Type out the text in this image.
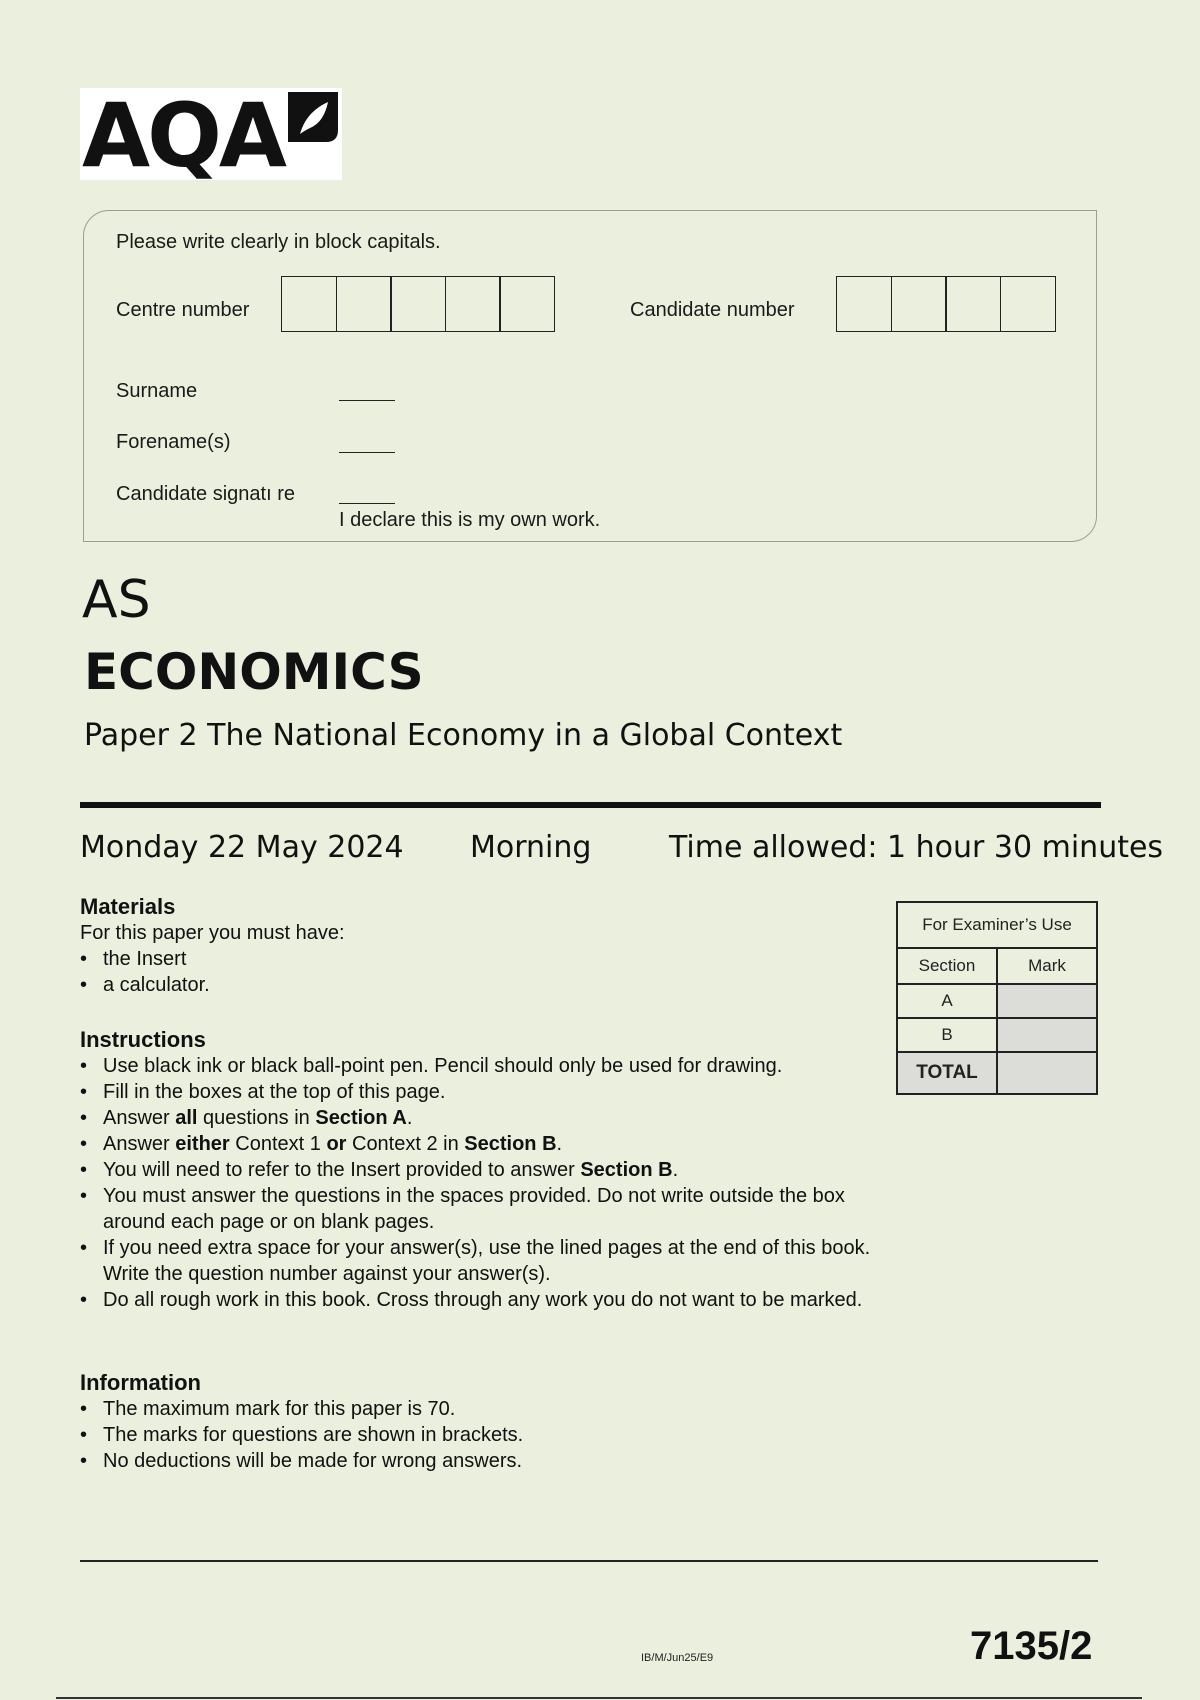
AQA
Please write clearly in block capitals.
Centre number	Candidate number
Surname
Forename(s)
Candidate signatı re
I declare this is my own work.
AS
ECONOMICS
Paper 2 The National Economy in a Global Context
Monday 22 May 2024 Morning	Time allowed: 1 hour 30 minutes
Materials
For this paper you must have:
• the Insert
• a calculator.
Instructions
• Use black ink or black ball-point pen. Pencil should only be used for drawing.
• Fill in the boxes at the top of this page.
• Answer all questions in Section A.
• Answer either Context 1 or Context 2 in Section B.
• You will need to refer to the Insert provided to answer Section B.
• You must answer the questions in the spaces provided. Do not write outside the box around each page or on blank pages.
• If you need extra space for your answer(s), use the lined pages at the end of this book. Write the question number against your answer(s).
• Do all rough work in this book. Cross through any work you do not want to be marked.
Information
• The maximum mark for this paper is 70.
• The marks for questions are shown in brackets.
• No deductions will be made for wrong answers.
For Examiner’s Use	
Section	Mark
A	
B	
TOTAL	
IB/M/Jun25/E9	7135/2
